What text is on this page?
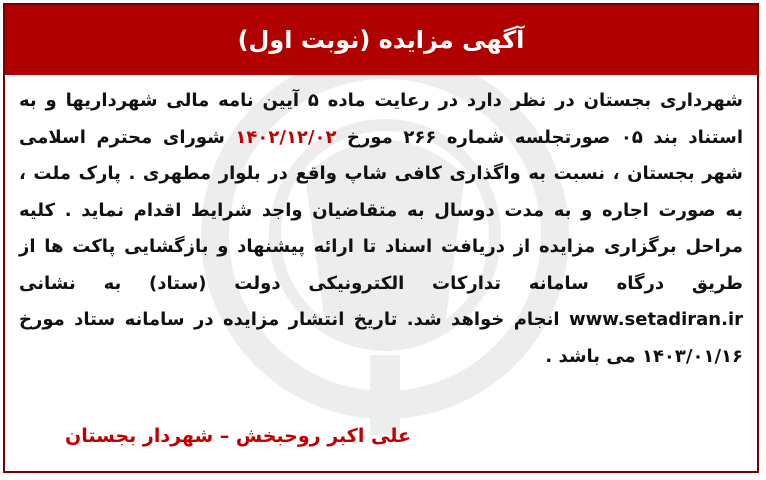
آگهی مزایده (نوبت اول)
شهرداری بجستان در نظر دارد در رعایت ماده ۵ آیین نامه مالی شهرداریها و به استناد بند ۰۵ صورتجلسه شماره ۲۶۶ مورخ ۱۴۰۲/۱۲/۰۲ شورای محترم اسلامی شهر بجستان ، نسبت به واگذاری کافی شاپ واقع در بلوار مطهری . پارک ملت ، به صورت اجاره و به مدت دوسال به متقاضیان واجد شرایط اقدام نماید . کلیه مراحل برگزاری مزایده از دریافت اسناد تا ارائه پیشنهاد و بازگشایی پاکت ها از طریق درگاه سامانه تدارکات الکترونیکی دولت (ستاد) به نشانی www.setadiran.ir انجام خواهد شد. تاریخ انتشار مزایده در سامانه ستاد مورخ ۱۴۰۳/۰۱/۱۶ می باشد .
علی اکبر روحبخش – شهردار بجستان
